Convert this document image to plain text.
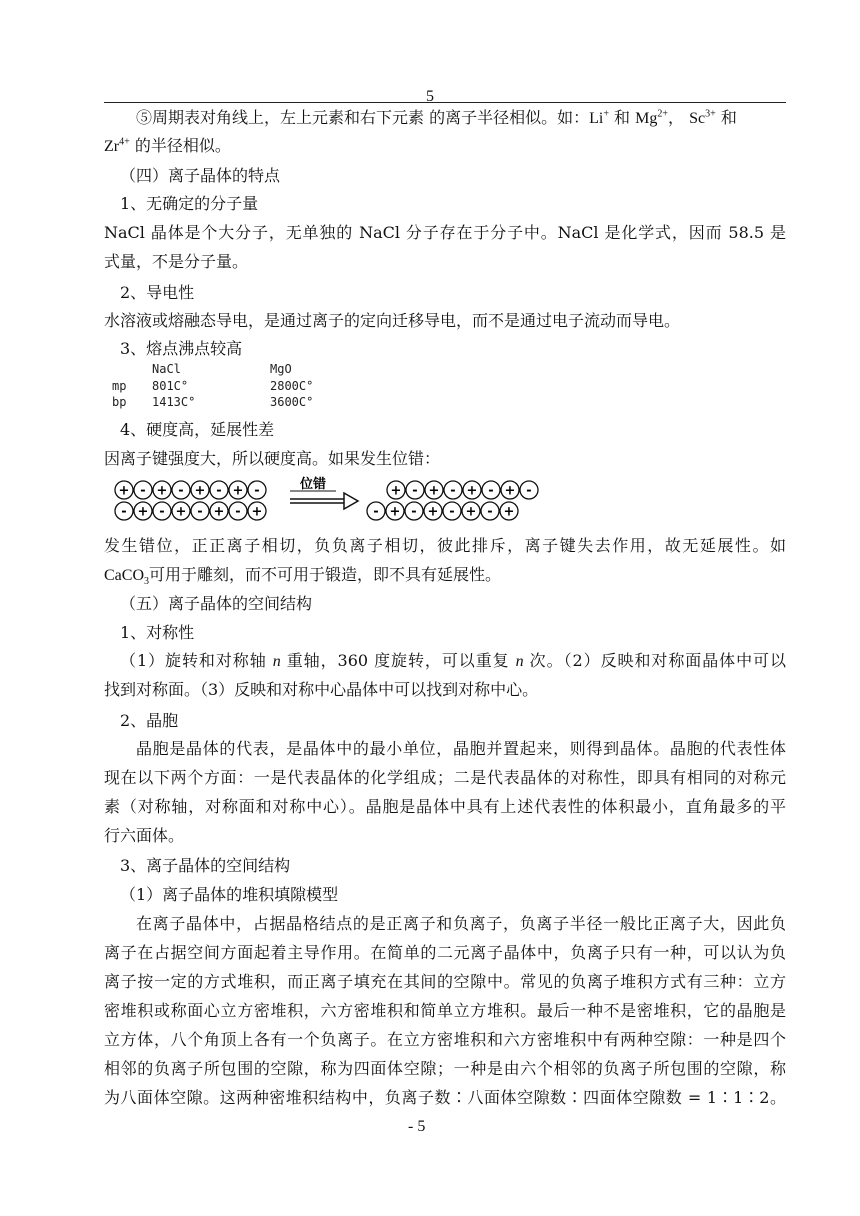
5
⑤周期表对角线上，左上元素和右下元素 的离子半径相似。如：Li+ 和 $Mg^{2+}$， $Sc^{3+}$ 和
$Zr^{4+}$ 的半径相似。
（四）离子晶体的特点
1、无确定的分子量
NaCl 晶体是个大分子，无单独的 NaCl 分子存在于分子中。NaCl 是化学式，因而 58.5 是
式量，不是分子量。
2、导电性
水溶液或熔融态导电，是通过离子的定向迁移导电，而不是通过电子流动而导电。
3、熔点沸点较高
NaCl	MgO
mp 801C°	2800C°
bp 1413C°	3600C°
4、硬度高，延展性差
因离子键强度大，所以硬度高。如果发生位错：
+ - + - + - + -
- + - + - + - +
+ - + - + - + -
- + - + - + - +
位错
发生错位，正正离子相切，负负离子相切，彼此排斥，离子键失去作用，故无延展性。如
CaCO$_3$可用于雕刻，而不可用于锻造，即不具有延展性。
（五）离子晶体的空间结构
1、对称性
（1）旋转和对称轴 n 重轴，360 度旋转，可以重复 n 次。（2）反映和对称面晶体中可以
找到对称面。（3）反映和对称中心晶体中可以找到对称中心。
2、晶胞
晶胞是晶体的代表，是晶体中的最小单位，晶胞并置起来，则得到晶体。晶胞的代表性体
现在以下两个方面：一是代表晶体的化学组成；二是代表晶体的对称性，即具有相同的对称元
素（对称轴，对称面和对称中心）。晶胞是晶体中具有上述代表性的体积最小，直角最多的平
行六面体。
3、离子晶体的空间结构
（1）离子晶体的堆积填隙模型
在离子晶体中，占据晶格结点的是正离子和负离子，负离子半径一般比正离子大，因此负
离子在占据空间方面起着主导作用。在简单的二元离子晶体中，负离子只有一种，可以认为负
离子按一定的方式堆积，而正离子填充在其间的空隙中。常见的负离子堆积方式有三种：立方
密堆积或称面心立方密堆积，六方密堆积和简单立方堆积。最后一种不是密堆积，它的晶胞是
立方体，八个角顶上各有一个负离子。在立方密堆积和六方密堆积中有两种空隙：一种是四个
相邻的负离子所包围的空隙，称为四面体空隙；一种是由六个相邻的负离子所包围的空隙，称
为八面体空隙。这两种密堆积结构中，负离子数∶八面体空隙数∶四面体空隙数 = 1∶1∶2。
- 5
